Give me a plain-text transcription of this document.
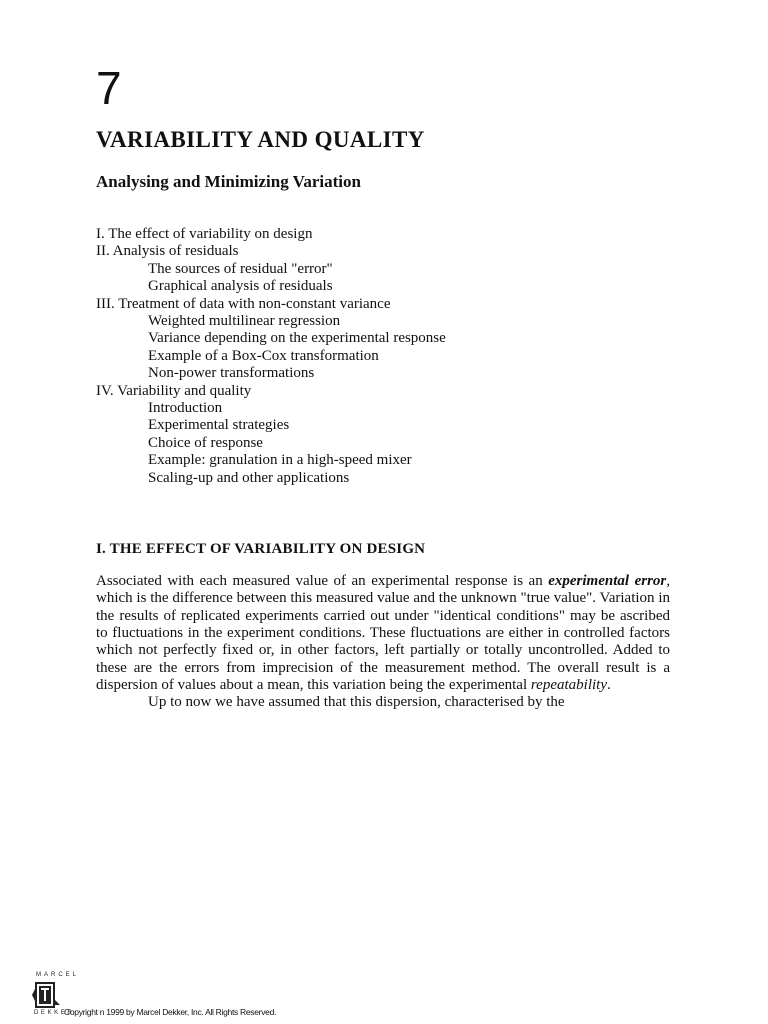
7
VARIABILITY AND QUALITY
Analysing and Minimizing Variation
I. The effect of variability on design
II. Analysis of residuals
The sources of residual "error"
Graphical analysis of residuals
III. Treatment of data with non-constant variance
Weighted multilinear regression
Variance depending on the experimental response
Example of a Box-Cox transformation
Non-power transformations
IV. Variability and quality
Introduction
Experimental strategies
Choice of response
Example: granulation in a high-speed mixer
Scaling-up and other applications
I. THE EFFECT OF VARIABILITY ON DESIGN

Associated with each measured value of an experimental response is an experimental error, which is the difference between this measured value and the unknown "true value". Variation in the results of replicated experiments carried out under "identical conditions" may be ascribed to fluctuations in the experiment conditions. These fluctuations are either in controlled factors which not perfectly fixed or, in other factors, left partially or totally uncontrolled. Added to these are the errors from imprecision of the measurement method. The overall result is a dispersion of values about a mean, this variation being the experimental repeatability.

Up to now we have assumed that this dispersion, characterised by the

MARCEL
DEKKER
Copyright n 1999 by Marcel Dekker, Inc. All Rights Reserved.
